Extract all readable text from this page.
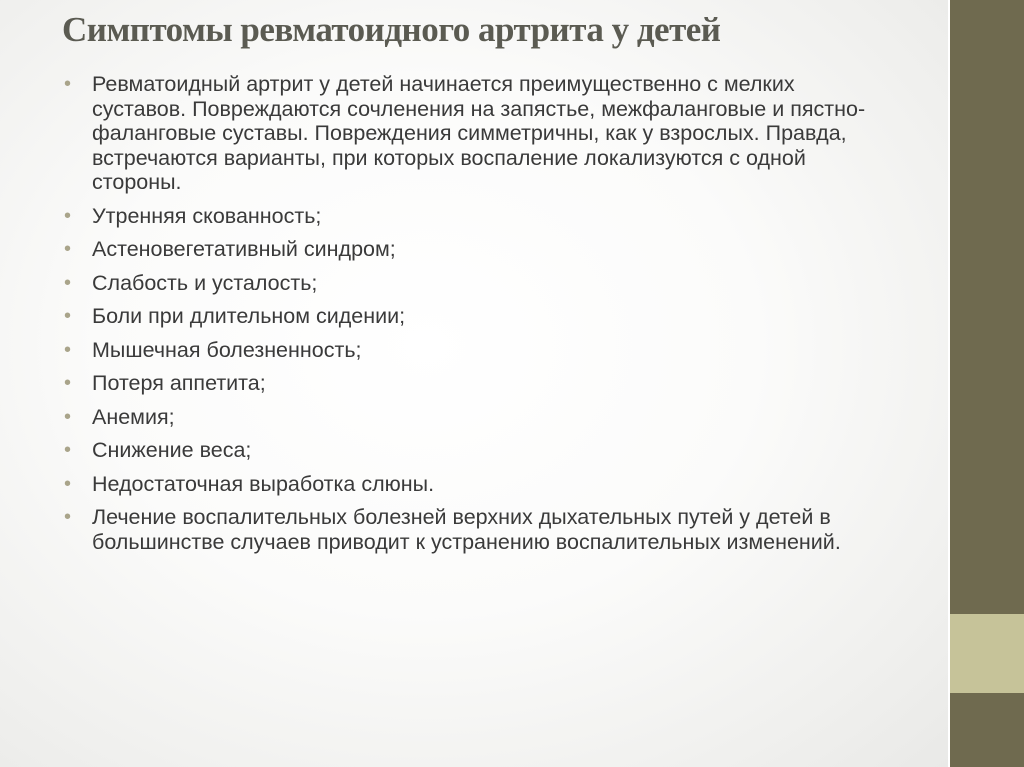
Симптомы ревматоидного артрита у детей
• Ревматоидный артрит у детей начинается преимущественно с мелких суставов. Повреждаются сочленения на запястье, межфаланговые и пястно-фаланговые суставы. Повреждения симметричны, как у взрослых. Правда, встречаются варианты, при которых воспаление локализуются с одной стороны.
• Утренняя скованность;
• Астеновегетативный синдром;
• Слабость и усталость;
• Боли при длительном сидении;
• Мышечная болезненность;
• Потеря аппетита;
• Анемия;
• Снижение веса;
• Недостаточная выработка слюны.
• Лечение воспалительных болезней верхних дыхательных путей у детей в большинстве случаев приводит к устранению воспалительных изменений.
